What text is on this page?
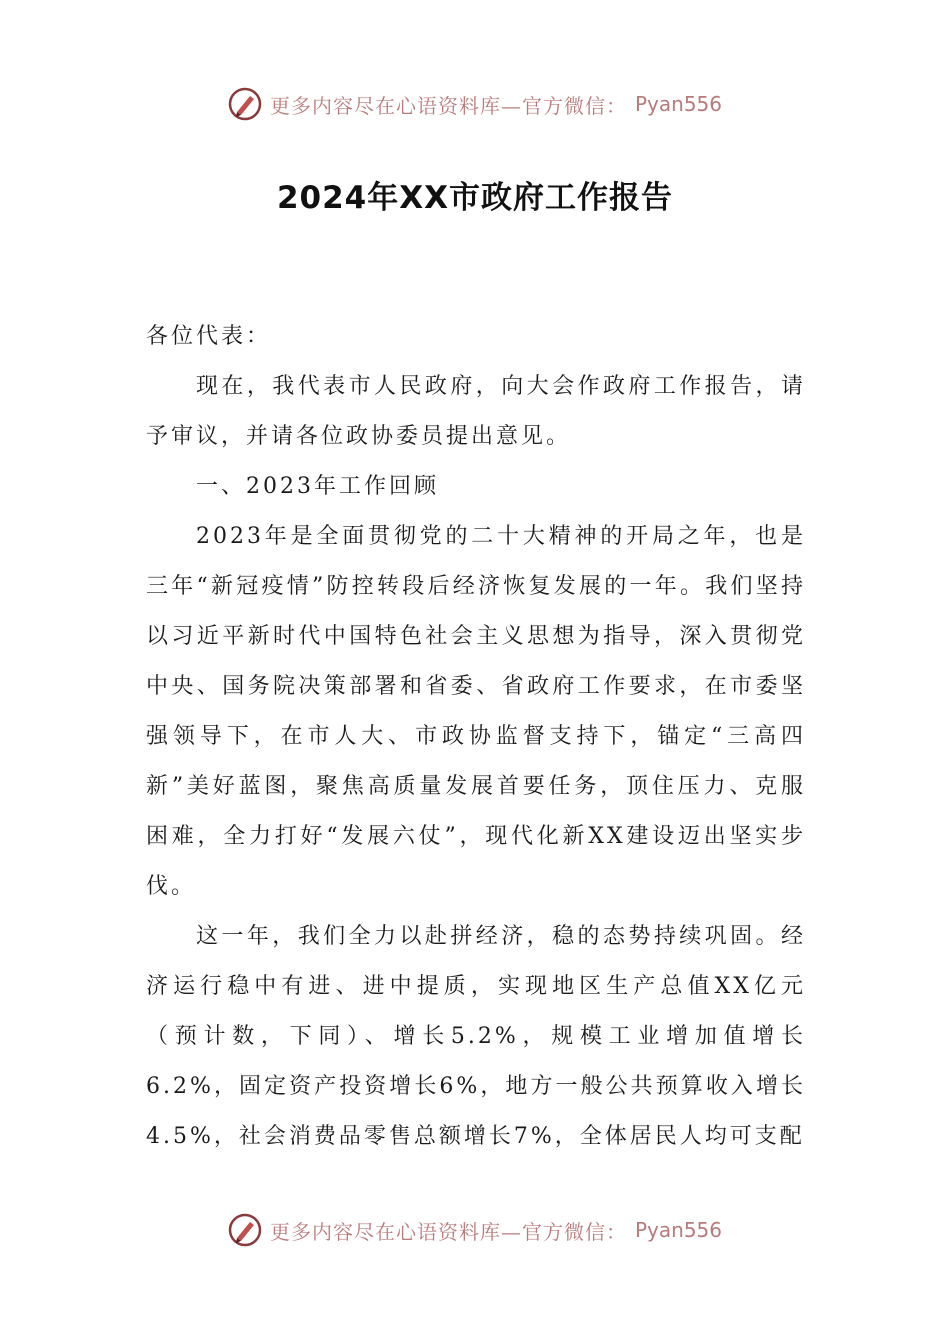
更多内容尽在心语资料库—官方微信： Pyan556
2024年XX市政府工作报告

各位代表：

现在，我代表市人民政府，向大会作政府工作报告，请予审议，并请各位政协委员提出意见。

一、2023年工作回顾

2023年是全面贯彻党的二十大精神的开局之年，也是三年“新冠疫情”防控转段后经济恢复发展的一年。我们坚持以习近平新时代中国特色社会主义思想为指导，深入贯彻党中央、国务院决策部署和省委、省政府工作要求，在市委坚强领导下，在市人大、市政协监督支持下，锚定“三高四新”美好蓝图，聚焦高质量发展首要任务，顶住压力、克服困难，全力打好“发展六仗”，现代化新XX建设迈出坚实步伐。

这一年，我们全力以赴拼经济，稳的态势持续巩固。经济运行稳中有进、进中提质，实现地区生产总值XX亿元（预计数，下同）、增长5.2%，规模工业增加值增长6.2%，固定资产投资增长6%，地方一般公共预算收入增长4.5%，社会消费品零售总额增长7%，全体居民人均可支配

更多内容尽在心语资料库—官方微信： Pyan556
